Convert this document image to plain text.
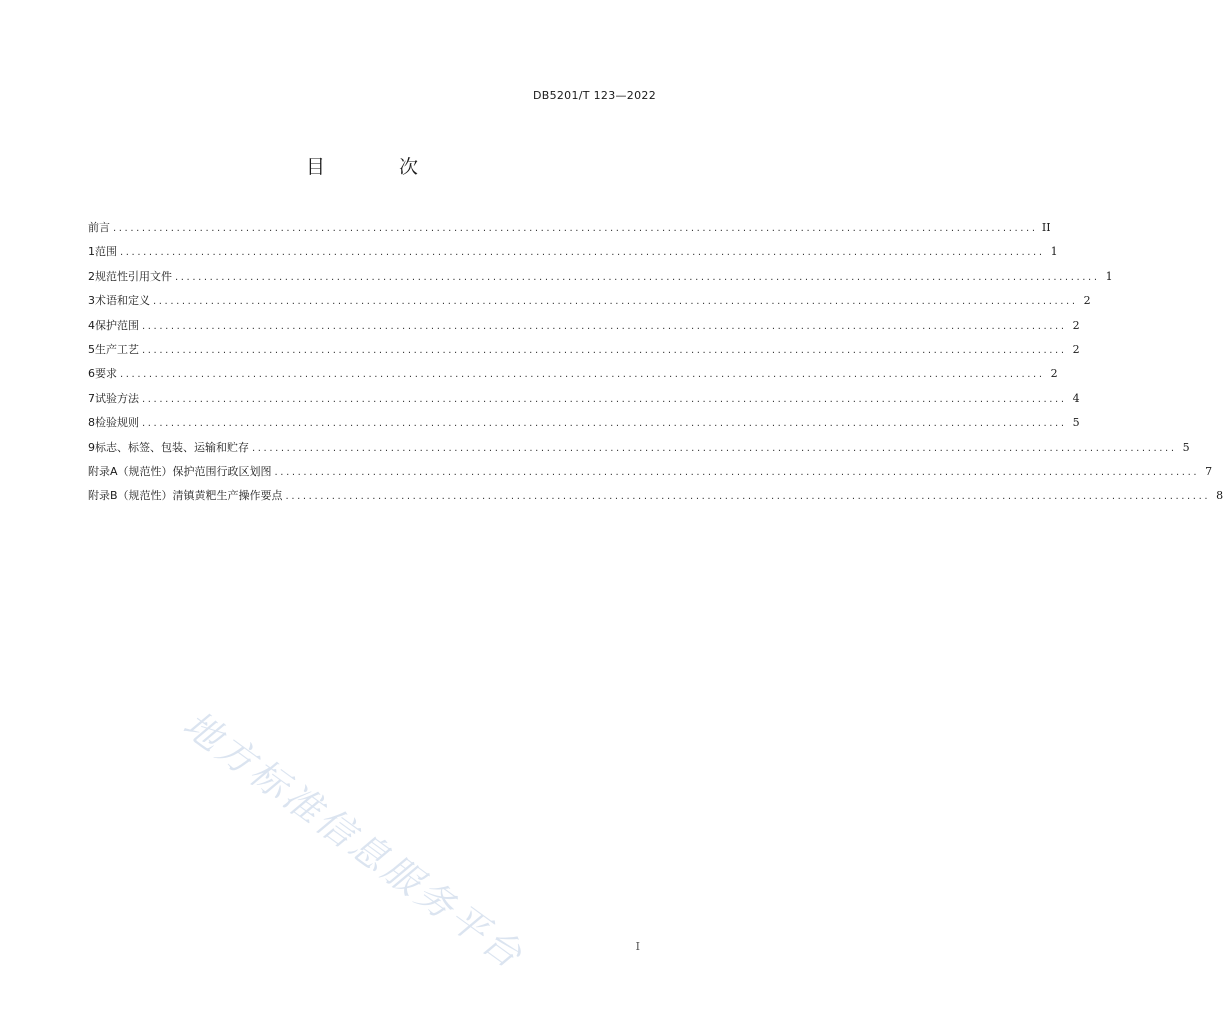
DB5201/T 123—2022
目 次
前言 ................................................................................................................................................................ II
1 范围 ................................................................................................................................................................ 1
2 规范性引用文件 ................................................................................................................................................................ 1
3 术语和定义 ................................................................................................................................................................ 2
4 保护范围 ................................................................................................................................................................ 2
5 生产工艺 ................................................................................................................................................................ 2
6 要求 ................................................................................................................................................................ 2
7 试验方法 ................................................................................................................................................................ 4
8 检验规则 ................................................................................................................................................................ 5
9 标志、标签、包装、运输和贮存 ................................................................................................................................................................ 5
附录A（规范性） 保护范围行政区划图 ................................................................................................................................................................ 7
附录B（规范性） 清镇黄粑生产操作要点 ................................................................................................................................................................ 8
地方标准信息服务平台	I
